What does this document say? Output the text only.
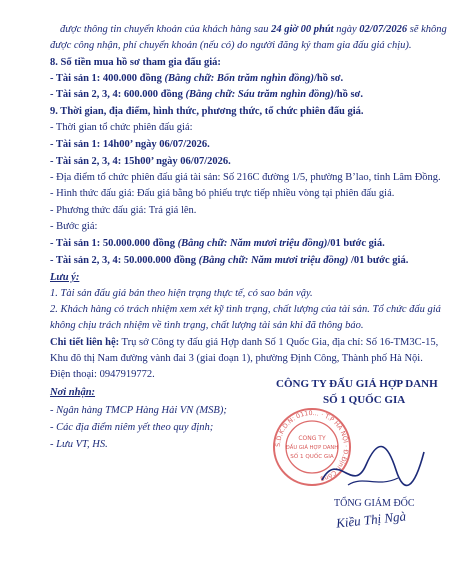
được thông tin chuyển khoản của khách hàng sau 24 giờ 00 phút ngày 02/07/2026 sẽ không
được công nhận, phí chuyển khoản (nếu có) do người đăng ký tham gia đấu giá chịu).
8. Số tiền mua hồ sơ tham gia đấu giá:
- Tài sản 1: 400.000 đồng (Bằng chữ: Bốn trăm nghìn đồng)/hồ sơ.
- Tài sản 2, 3, 4: 600.000 đồng (Bằng chữ: Sáu trăm nghìn đồng)/hồ sơ.
9. Thời gian, địa điểm, hình thức, phương thức, tổ chức phiên đấu giá.
- Thời gian tổ chức phiên đấu giá:
- Tài sản 1: 14h00’ ngày 06/07/2026.
- Tài sản 2, 3, 4: 15h00’ ngày 06/07/2026.
- Địa điểm tổ chức phiên đấu giá tài sản: Số 216C đường 1/5, phường B’lao, tỉnh Lâm Đồng.
- Hình thức đấu giá: Đấu giá bằng bỏ phiếu trực tiếp nhiều vòng tại phiên đấu giá.
- Phương thức đấu giá: Trả giá lên.
- Bước giá:
- Tài sản 1: 50.000.000 đồng (Bằng chữ: Năm mươi triệu đồng)/01 bước giá.
- Tài sản 2, 3, 4: 50.000.000 đồng (Bằng chữ: Năm mươi triệu đồng) /01 bước giá.
Lưu ý:
1. Tài sản đấu giá bán theo hiện trạng thực tế, có sao bán vậy.
2. Khách hàng có trách nhiệm xem xét kỹ tình trạng, chất lượng của tài sản. Tổ chức đấu giá
không chịu trách nhiệm về tình trạng, chất lượng tài sản khi đã thông báo.
Chi tiết liên hệ: Trụ sở Công ty đấu giá Hợp danh Số 1 Quốc Gia, địa chỉ: Số 16-TM3C-15,
Khu đô thị Nam đường vành đai 3 (giai đoạn 1), phường Định Công, Thành phố Hà Nội.
Điện thoại: 0947919772.
Nơi nhận:
- Ngân hàng TMCP Hàng Hải VN (MSB);
- Các địa điểm niêm yết theo quy định;
- Lưu VT, HS.
CÔNG TY ĐẤU GIÁ HỢP DANH
SỐ 1 QUỐC GIA
S.D.K.D.N: 0110... · T.P HÀ NỘI · Đ.Định Công
CÔNG TY
ĐẤU GIÁ HỢP DANH
SỐ 1 QUỐC GIA
TỔNG GIÁM ĐỐC
Kiều Thị Ngà
